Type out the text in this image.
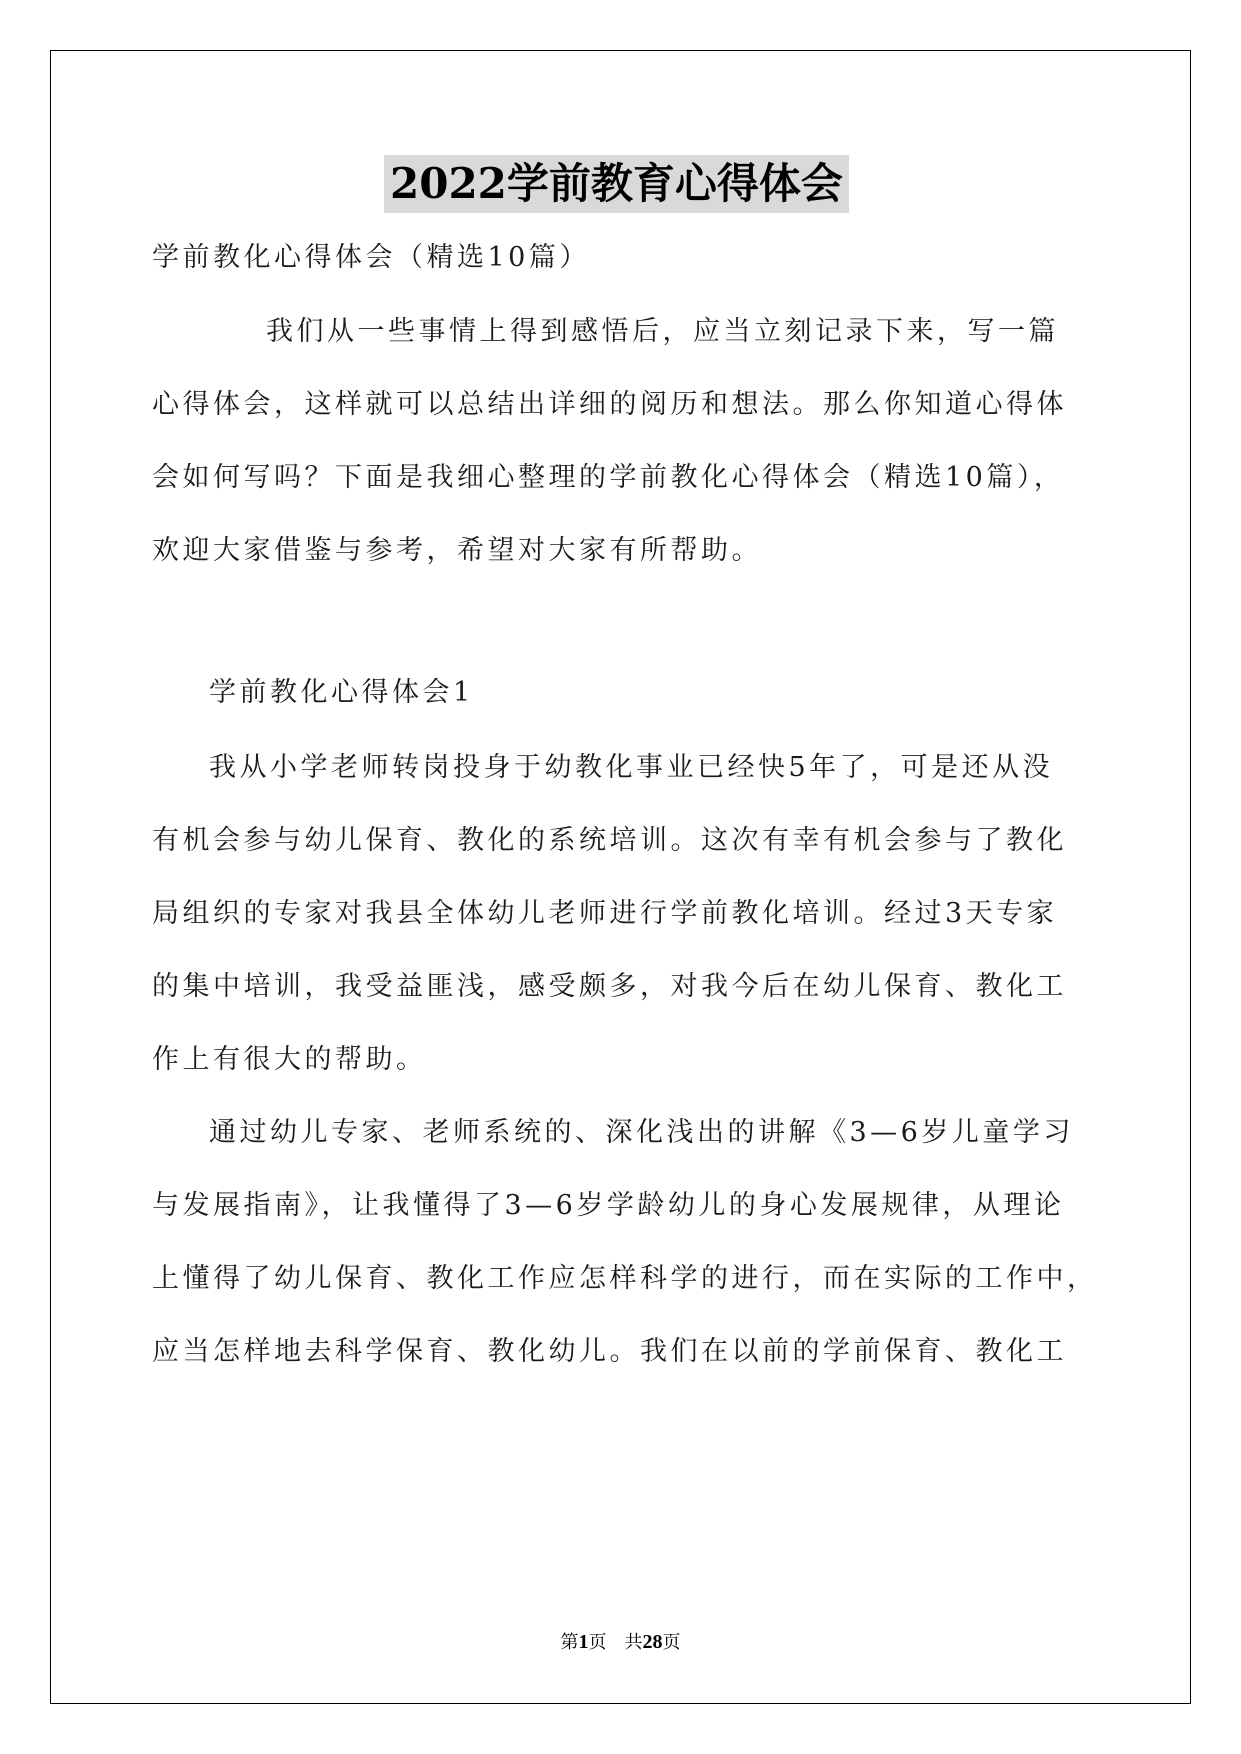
2022学前教育心得体会
学前教化心得体会（精选10篇）
我们从一些事情上得到感悟后，应当立刻记录下来，写一篇
心得体会，这样就可以总结出详细的阅历和想法。那么你知道心得体
会如何写吗？下面是我细心整理的学前教化心得体会（精选10篇），
欢迎大家借鉴与参考，希望对大家有所帮助。
学前教化心得体会1
我从小学老师转岗投身于幼教化事业已经快5年了，可是还从没
有机会参与幼儿保育、教化的系统培训。这次有幸有机会参与了教化
局组织的专家对我县全体幼儿老师进行学前教化培训。经过3天专家
的集中培训，我受益匪浅，感受颇多，对我今后在幼儿保育、教化工
作上有很大的帮助。
通过幼儿专家、老师系统的、深化浅出的讲解《3—6岁儿童学习
与发展指南》，让我懂得了3—6岁学龄幼儿的身心发展规律，从理论
上懂得了幼儿保育、教化工作应怎样科学的进行，而在实际的工作中，
应当怎样地去科学保育、教化幼儿。我们在以前的学前保育、教化工
第1页　共28页
